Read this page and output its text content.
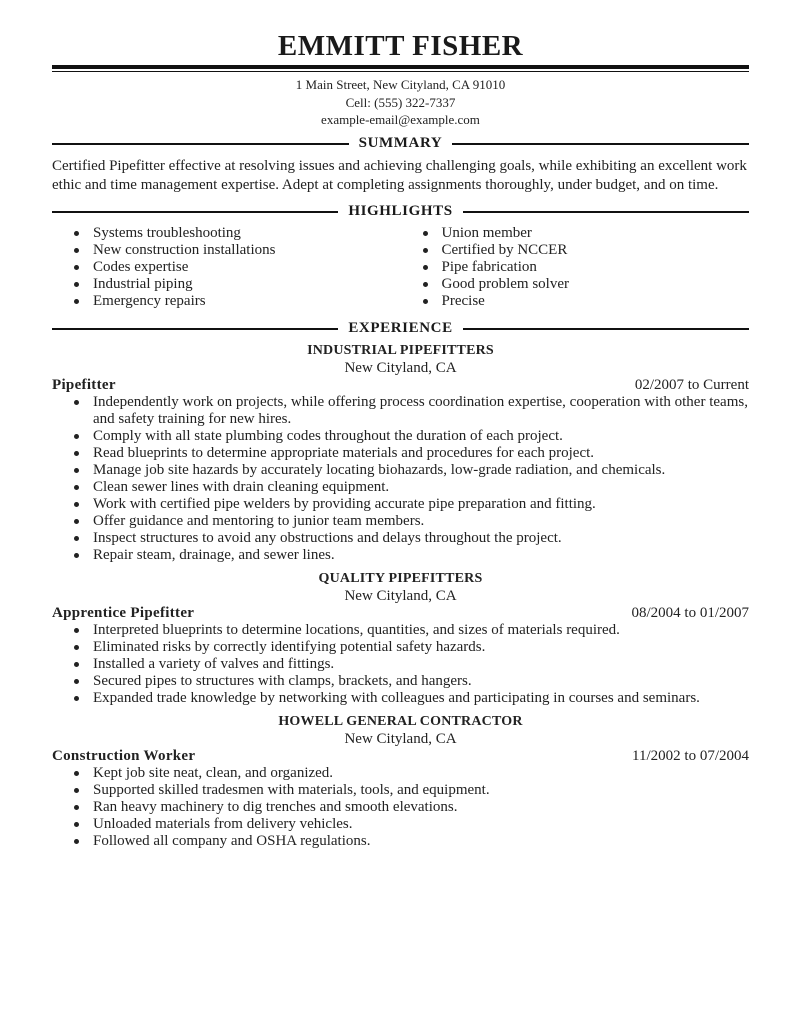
EMMITT FISHER
1 Main Street, New Cityland, CA 91010
Cell: (555) 322-7337
example-email@example.com
SUMMARY
Certified Pipefitter effective at resolving issues and achieving challenging goals, while exhibiting an excellent work ethic and time management expertise. Adept at completing assignments thoroughly, under budget, and on time.
HIGHLIGHTS
Systems troubleshooting
New construction installations
Codes expertise
Industrial piping
Emergency repairs
Union member
Certified by NCCER
Pipe fabrication
Good problem solver
Precise
EXPERIENCE
INDUSTRIAL PIPEFITTERS
New Cityland, CA
Pipefitter	02/2007 to Current
Independently work on projects, while offering process coordination expertise, cooperation with other teams, and safety training for new hires.
Comply with all state plumbing codes throughout the duration of each project.
Read blueprints to determine appropriate materials and procedures for each project.
Manage job site hazards by accurately locating biohazards, low-grade radiation, and chemicals.
Clean sewer lines with drain cleaning equipment.
Work with certified pipe welders by providing accurate pipe preparation and fitting.
Offer guidance and mentoring to junior team members.
Inspect structures to avoid any obstructions and delays throughout the project.
Repair steam, drainage, and sewer lines.
QUALITY PIPEFITTERS
New Cityland, CA
Apprentice Pipefitter	08/2004 to 01/2007
Interpreted blueprints to determine locations, quantities, and sizes of materials required.
Eliminated risks by correctly identifying potential safety hazards.
Installed a variety of valves and fittings.
Secured pipes to structures with clamps, brackets, and hangers.
Expanded trade knowledge by networking with colleagues and participating in courses and seminars.
HOWELL GENERAL CONTRACTOR
New Cityland, CA
Construction Worker	11/2002 to 07/2004
Kept job site neat, clean, and organized.
Supported skilled tradesmen with materials, tools, and equipment.
Ran heavy machinery to dig trenches and smooth elevations.
Unloaded materials from delivery vehicles.
Followed all company and OSHA regulations.
